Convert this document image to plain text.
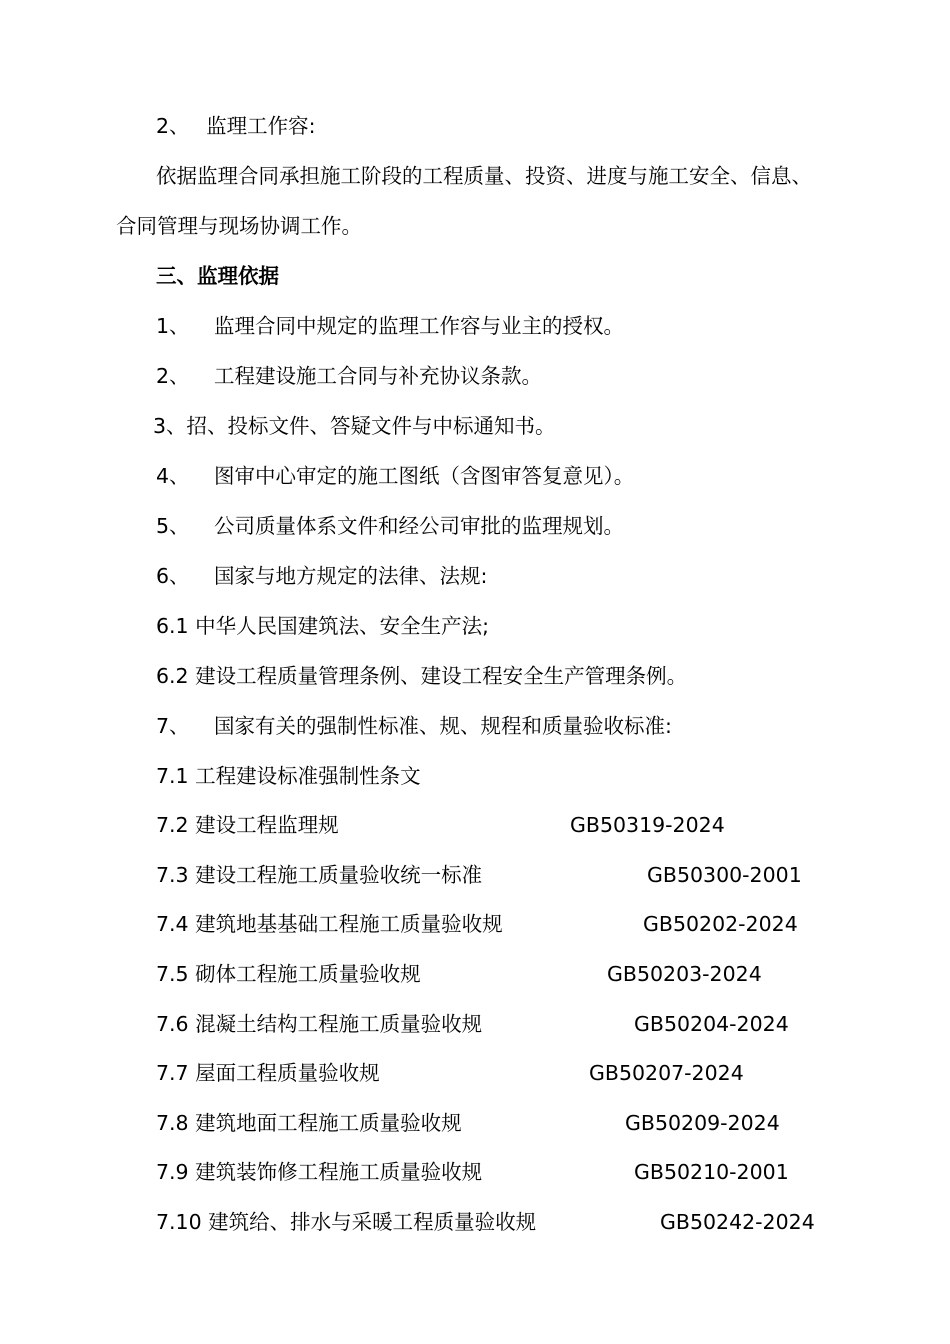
2、 监理工作容:
依据监理合同承担施工阶段的工程质量、投资、进度与施工安全、信息、
合同管理与现场协调工作。
三、监理依据
1、 监理合同中规定的监理工作容与业主的授权。
2、 工程建设施工合同与补充协议条款。
3、招、投标文件、答疑文件与中标通知书。
4、 图审中心审定的施工图纸（含图审答复意见）。
5、 公司质量体系文件和经公司审批的监理规划。
6、 国家与地方规定的法律、法规:
6.1 中华人民国建筑法、安全生产法;
6.2 建设工程质量管理条例、建设工程安全生产管理条例。
7、 国家有关的强制性标准、规、规程和质量验收标准:
7.1 工程建设标准强制性条文
7.2 建设工程监理规	GB50319-2024
7.3 建设工程施工质量验收统一标准	GB50300-2001
7.4 建筑地基基础工程施工质量验收规	GB50202-2024
7.5 砌体工程施工质量验收规	GB50203-2024
7.6 混凝土结构工程施工质量验收规	GB50204-2024
7.7 屋面工程质量验收规	GB50207-2024
7.8 建筑地面工程施工质量验收规	GB50209-2024
7.9 建筑装饰修工程施工质量验收规	GB50210-2001
7.10 建筑给、排水与采暖工程质量验收规	GB50242-2024
